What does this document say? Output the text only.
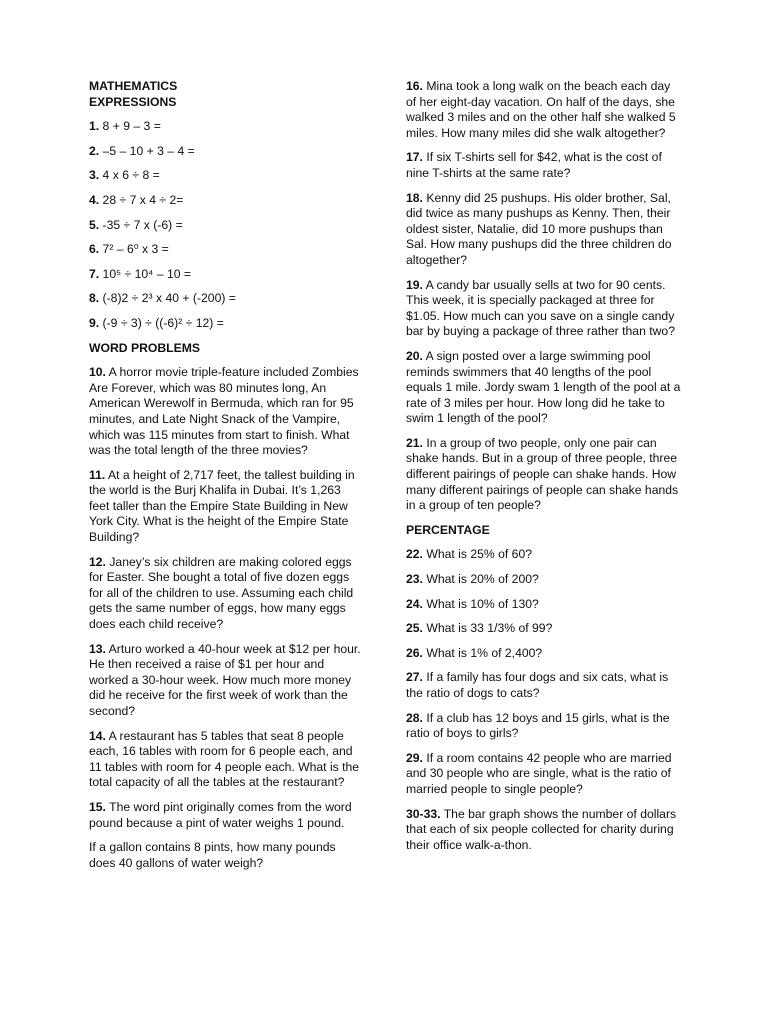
MATHEMATICS
EXPRESSIONS
1. 8 + 9 – 3 =
2. –5 – 10 + 3 – 4 =
3. 4 x 6 ÷ 8 =
4. 28 ÷ 7 x 4 ÷ 2=
5. -35 ÷ 7 x (-6) =
6. 7² – 6⁰ x 3 =
7. 10⁵ ÷ 10⁴ – 10 =
8. (-8)2 ÷ 2³ x 40 + (-200) =
9. (-9 ÷ 3) ÷ ((-6)² ÷ 12) =
WORD PROBLEMS
10. A horror movie triple-feature included Zombies Are Forever, which was 80 minutes long, An American Werewolf in Bermuda, which ran for 95 minutes, and Late Night Snack of the Vampire, which was 115 minutes from start to finish. What was the total length of the three movies?
11. At a height of 2,717 feet, the tallest building in the world is the Burj Khalifa in Dubai. It’s 1,263 feet taller than the Empire State Building in New York City. What is the height of the Empire State Building?
12. Janey’s six children are making colored eggs for Easter. She bought a total of five dozen eggs for all of the children to use. Assuming each child gets the same number of eggs, how many eggs does each child receive?
13. Arturo worked a 40-hour week at $12 per hour. He then received a raise of $1 per hour and worked a 30-hour week. How much more money did he receive for the first week of work than the second?
14. A restaurant has 5 tables that seat 8 people each, 16 tables with room for 6 people each, and 11 tables with room for 4 people each. What is the total capacity of all the tables at the restaurant?
15. The word pint originally comes from the word pound because a pint of water weighs 1 pound.
If a gallon contains 8 pints, how many pounds does 40 gallons of water weigh?
16. Mina took a long walk on the beach each day of her eight-day vacation. On half of the days, she walked 3 miles and on the other half she walked 5 miles. How many miles did she walk altogether?
17. If six T-shirts sell for $42, what is the cost of nine T-shirts at the same rate?
18. Kenny did 25 pushups. His older brother, Sal, did twice as many pushups as Kenny. Then, their oldest sister, Natalie, did 10 more pushups than Sal. How many pushups did the three children do altogether?
19. A candy bar usually sells at two for 90 cents. This week, it is specially packaged at three for $1.05. How much can you save on a single candy bar by buying a package of three rather than two?
20. A sign posted over a large swimming pool reminds swimmers that 40 lengths of the pool equals 1 mile. Jordy swam 1 length of the pool at a rate of 3 miles per hour. How long did he take to swim 1 length of the pool?
21. In a group of two people, only one pair can shake hands. But in a group of three people, three different pairings of people can shake hands. How many different pairings of people can shake hands in a group of ten people?
PERCENTAGE
22. What is 25% of 60?
23. What is 20% of 200?
24. What is 10% of 130?
25. What is 33 1/3% of 99?
26. What is 1% of 2,400?
27. If a family has four dogs and six cats, what is the ratio of dogs to cats?
28. If a club has 12 boys and 15 girls, what is the ratio of boys to girls?
29. If a room contains 42 people who are married and 30 people who are single, what is the ratio of married people to single people?
30-33. The bar graph shows the number of dollars that each of six people collected for charity during their office walk-a-thon.
